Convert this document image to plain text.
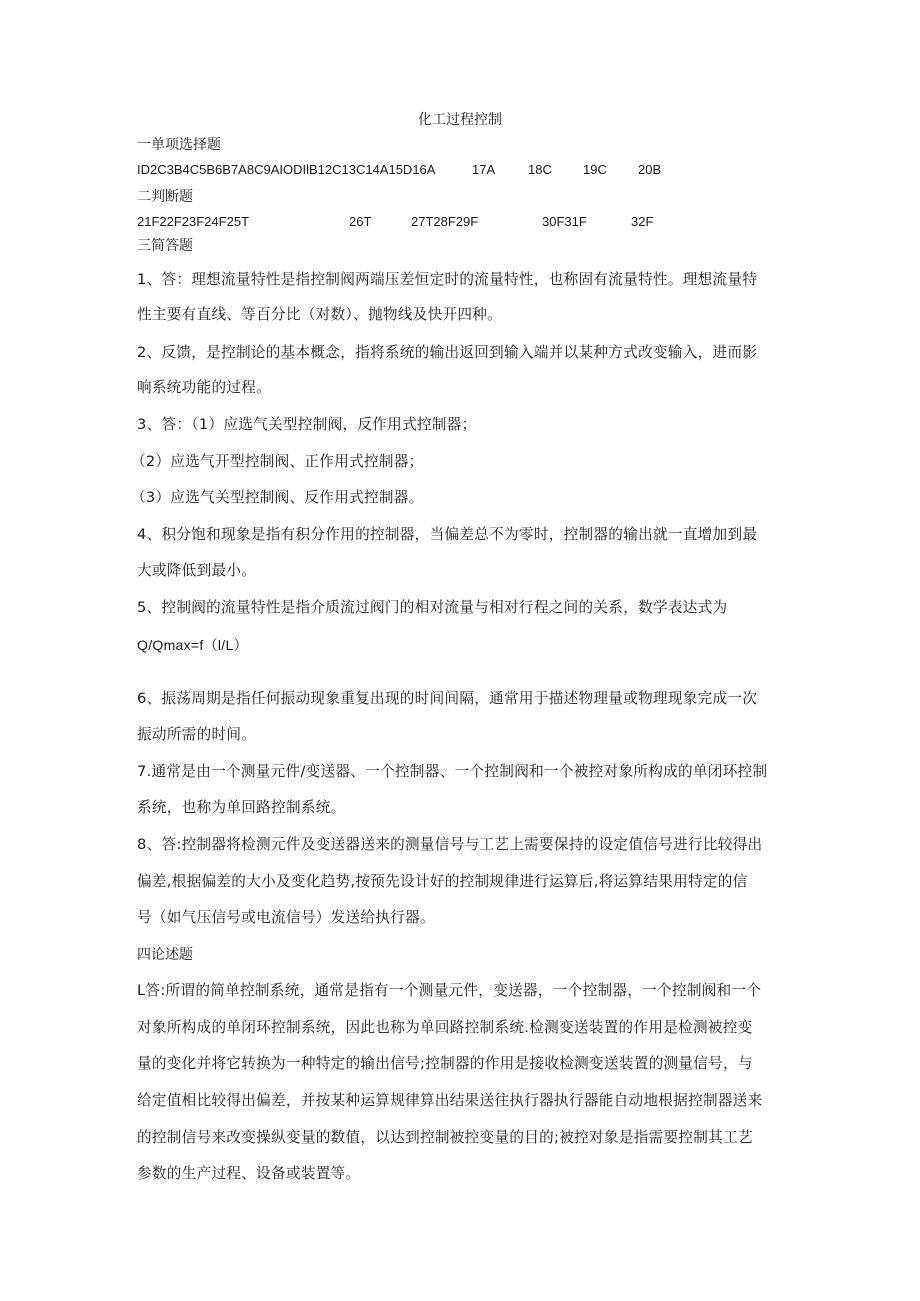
化工过程控制
一单项选择题
ID2C3B4C5B6B7A8C9AIODIlB12C13C14A15D16A	17A	18C 19C 20B
二判断题
21F22F23F24F25T	26T	27T28F29F	30F31F	32F
三简答题
1、答：理想流量特性是指控制阀两端压差恒定时的流量特性，也称固有流量特性。理想流量特
性主要有直线、等百分比（对数）、抛物线及快开四种。
2、反馈，是控制论的基本概念，指将系统的输出返回到输入端并以某种方式改变输入，进而影
响系统功能的过程。
3、答：（1）应选气关型控制阀，反作用式控制器；
（2）应选气开型控制阀、正作用式控制器；
（3）应选气关型控制阀、反作用式控制器。
4、积分饱和现象是指有积分作用的控制器，当偏差总不为零时，控制器的输出就一直增加到最
大或降低到最小。
5、控制阀的流量特性是指介质流过阀门的相对流量与相对行程之间的关系，数学表达式为
Q/Qmax=f（l/L）
6、振荡周期是指任何振动现象重复出现的时间间隔，通常用于描述物理量或物理现象完成一次
振动所需的时间。
7.通常是由一个测量元件/变送器、一个控制器、一个控制阀和一个被控对象所构成的单闭环控制
系统，也称为单回路控制系统。
8、答:控制器将检测元件及变送器送来的测量信号与工艺上需要保持的设定值信号进行比较得出
偏差,根据偏差的大小及变化趋势,按预先设计好的控制规律进行运算后,将运算结果用特定的信
号（如气压信号或电流信号）发送给执行器。
四论述题
L答:所谓的简单控制系统，通常是指有一个测量元件，变送器，一个控制器，一个控制阀和一个
对象所构成的单闭环控制系统，因此也称为单回路控制系统.检测变送装置的作用是检测被控变
量的变化并将它转换为一种特定的输出信号;控制器的作用是接收检测变送装置的测量信号，与
给定值相比较得出偏差，并按某种运算规律算出结果送往执行器执行器能自动地根据控制器送来
的控制信号来改变操纵变量的数值，以达到控制被控变量的目的;被控对象是指需要控制其工艺
参数的生产过程、设备或装置等。
